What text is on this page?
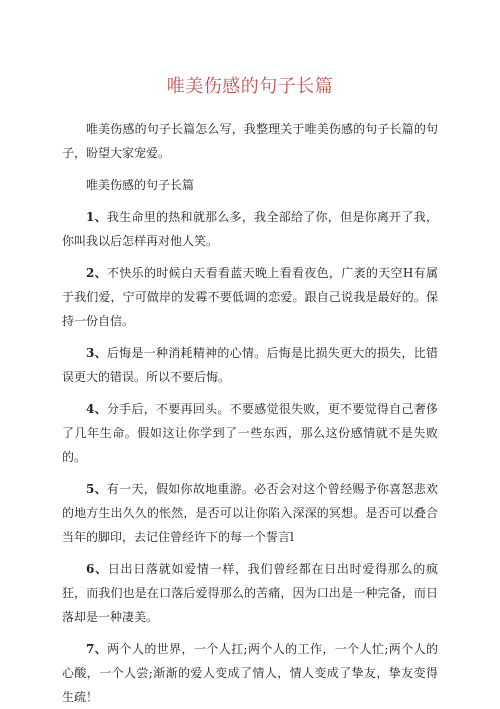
唯美伤感的句子长篇

唯美伤感的句子长篇怎么写，我整理关于唯美伤感的句子长篇的句子，盼望大家宠爱。

唯美伤感的句子长篇

1、我生命里的热和就那么多，我全部给了你，但是你离开了我，你叫我以后怎样再对他人笑。

2、不快乐的时候白天看看蓝天晚上看看夜色，广袤的天空H有属于我们爱，宁可做岸的发霉不要低调的恋爱。跟自己说我是最好的。保持一份自信。

3、后悔是一种消耗精神的心情。后悔是比损失更大的损失，比错误更大的错误。所以不要后悔。

4、分手后，不要再回头。不要感觉很失败，更不要觉得自己奢侈了几年生命。假如这让你学到了一些东西，那么这份感情就不是失败的。

5、有一天，假如你故地重游。必否会对这个曾经赐予你喜怒悲欢的地方生出久久的怅然，是否可以让你陷入深深的冥想。是否可以叠合当年的脚印，去记住曾经许下的每一个誓言l

6、日出日落就如爱情一样，我们曾经都在日出时爱得那么的疯狂，而我们也是在口落后爱得那么的苦痛，因为口出是一种完备，而日落却是一种凄美。

7、两个人的世界，一个人扛;两个人的工作，一个人忙;两个人的心酸，一个人尝;渐渐的爱人变成了情人，情人变成了挚友，挚友变得生疏！
